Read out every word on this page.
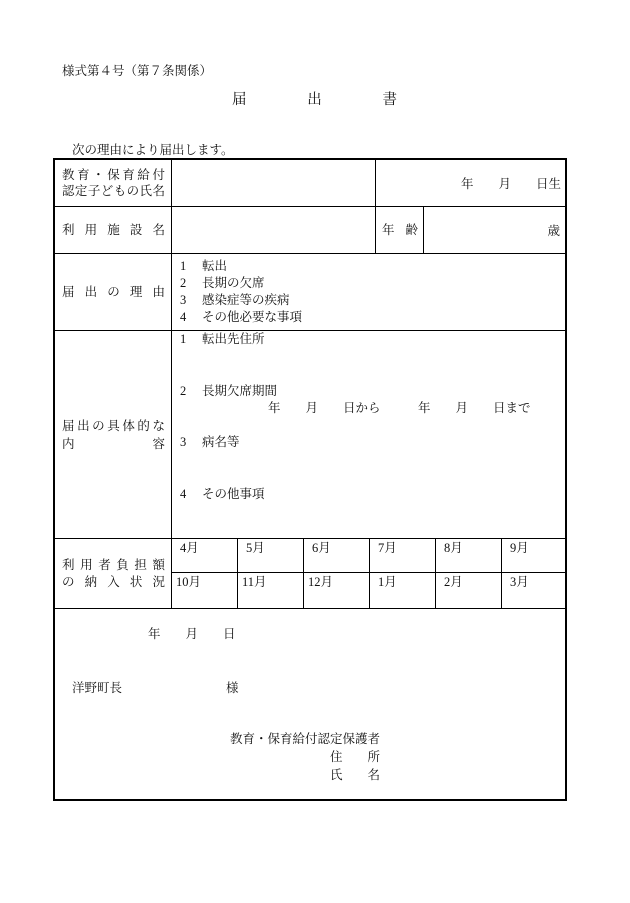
様式第４号（第７条関係）
届 出 書
次の理由により届出します。
教育・保育給付
認定子どもの氏名	年　　月　　日生
利 用 施 設 名	年 齢	歳
届 出 の 理 由
1 転出
2 長期の欠席
3 感染症等の疾病
4 その他必要な事項
届出の具体的な
内 容
1 転出先住所
2 長期欠席期間
年　　月　　日から　　　年　　月　　日まで
3 病名等
4 その他事項
利 用 者 負 担 額
の 納 入 状 況
4月	5月	6月	7月	8月	9月
10月	11月	12月	1月	2月	3月
年　　月　　日
洋野町長	様
教育・保育給付認定保護者
住　　所
氏　　名
